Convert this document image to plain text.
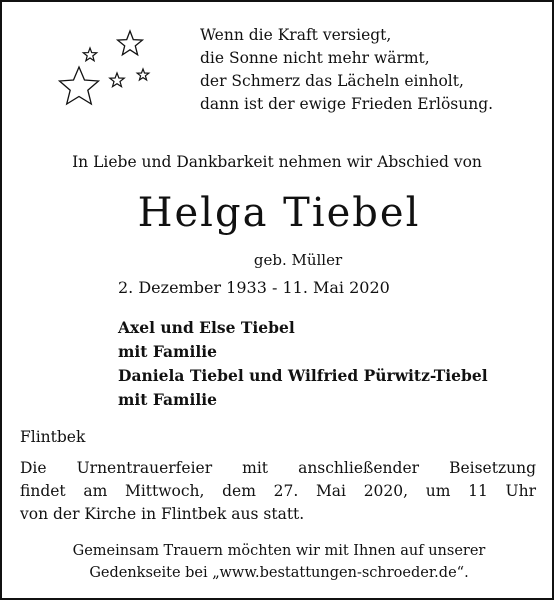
Wenn die Kraft versiegt,
die Sonne nicht mehr wärmt,
der Schmerz das Lächeln einholt,
dann ist der ewige Frieden Erlösung.
In Liebe und Dankbarkeit nehmen wir Abschied von
Helga Tiebel
geb. Müller
2. Dezember 1933 - 11. Mai 2020
Axel und Else Tiebel
mit Familie
Daniela Tiebel und Wilfried Pürwitz-Tiebel
mit Familie
Flintbek
Die Urnentrauerfeier mit anschließender Beisetzung
findet am Mittwoch, dem 27. Mai 2020, um 11 Uhr
von der Kirche in Flintbek aus statt.
Gemeinsam Trauern möchten wir mit Ihnen auf unserer
Gedenkseite bei „www.bestattungen-schroeder.de“.
